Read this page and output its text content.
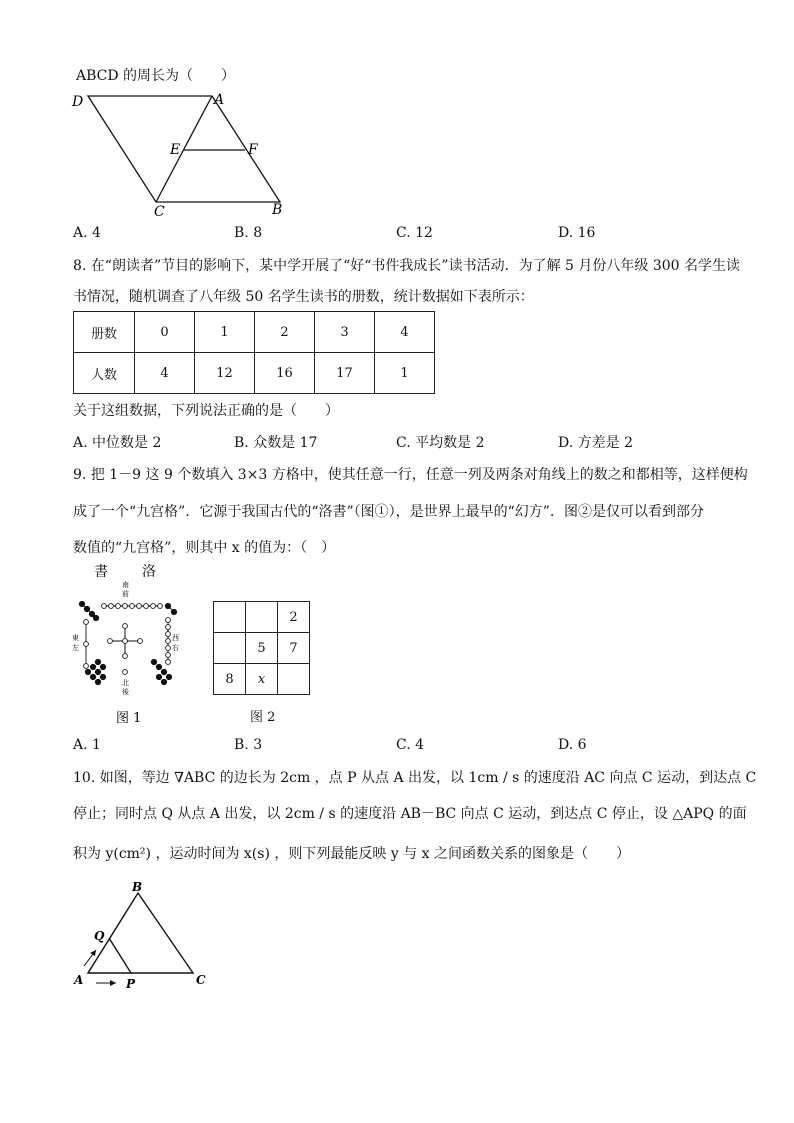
ABCD 的周长为（　　）
D	A
E	F
C	B
A. 4	B. 8	C. 12	D. 16
8. 在“朗读者”节目的影响下，某中学开展了“好“书件我成长”读书活动．为了解 5 月份八年级 300 名学生读
书情况，随机调查了八年级 50 名学生读书的册数，统计数据如下表所示：
册数	0	1	2	3	4
人数	4	12	16	17	1
关于这组数据，下列说法正确的是（　　）
A. 中位数是 2	B. 众数是 17	C. 平均数是 2	D. 方差是 2
9. 把 1－9 这 9 个数填入 3×3 方格中，使其任意一行，任意一列及两条对角线上的数之和都相等，这样便构
成了一个“九宫格”．它源于我国古代的“洛書”（图①），是世界上最早的“幻方”．图②是仅可以看到部分
数值的“九宫格”，则其中 x 的值为：（　）
書 洛
南
前
北
後
東
左
西
右
图 1
		2
	5	7
8	x	
图 2
A. 1	B. 3	C. 4	D. 6
10. 如图，等边 ∇ABC 的边长为 2cm ，点 P 从点 A 出发，以 1cm / s 的速度沿 AC 向点 C 运动，到达点 C
停止；同时点 Q 从点 A 出发，以 2cm / s 的速度沿 AB－BC 向点 C 运动，到达点 C 停止，设 △APQ 的面
积为 y(cm²) ，运动时间为 x(s) ，则下列最能反映 y 与 x 之间函数关系的图象是（　　）
B
Q
A	P	C
